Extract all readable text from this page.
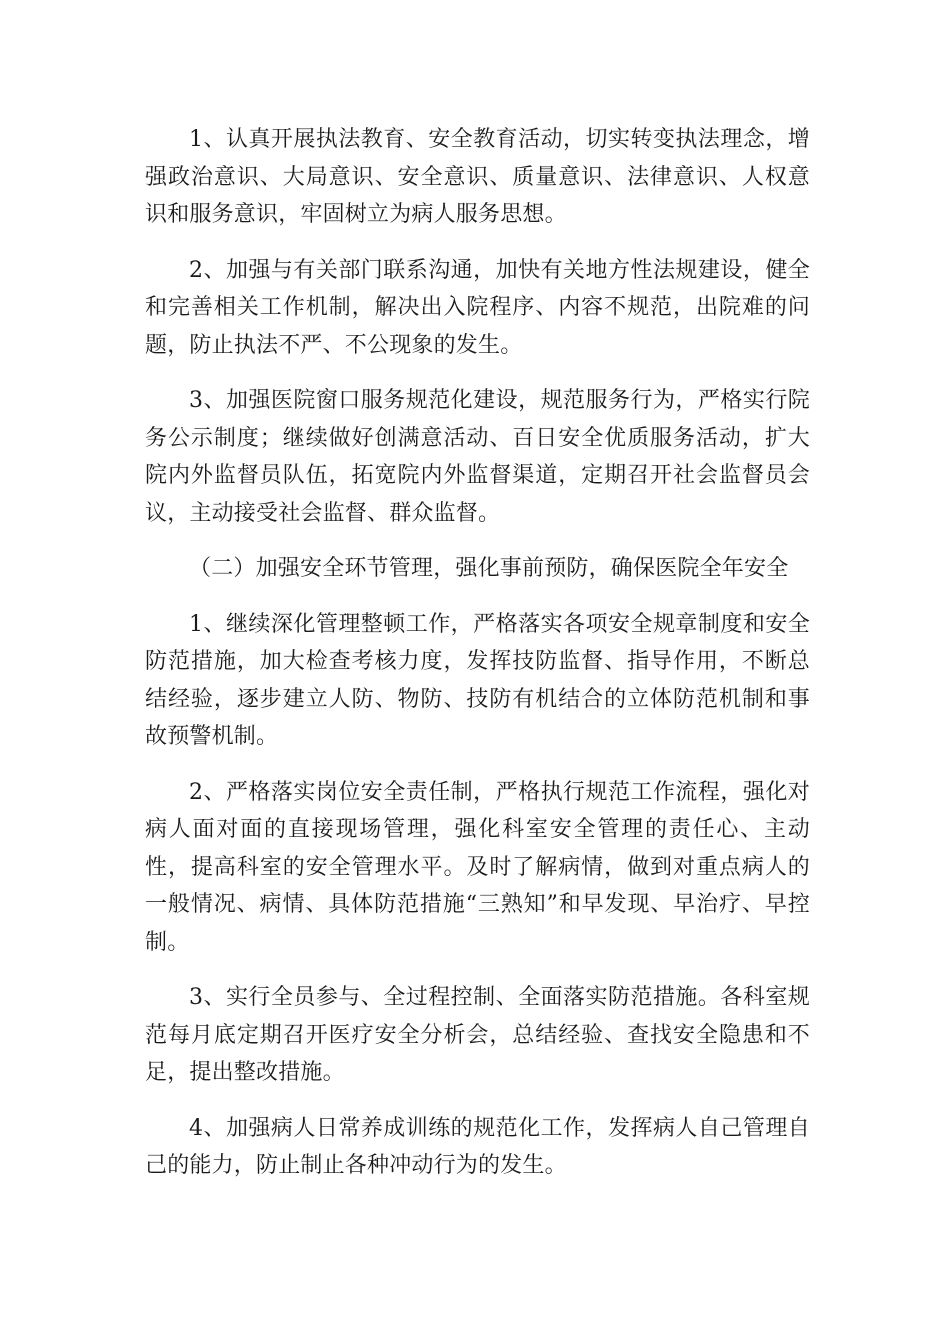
1、认真开展执法教育、安全教育活动，切实转变执法理念，增强政治意识、大局意识、安全意识、质量意识、法律意识、人权意识和服务意识，牢固树立为病人服务思想。

2、加强与有关部门联系沟通，加快有关地方性法规建设，健全和完善相关工作机制，解决出入院程序、内容不规范，出院难的问题，防止执法不严、不公现象的发生。

3、加强医院窗口服务规范化建设，规范服务行为，严格实行院务公示制度；继续做好创满意活动、百日安全优质服务活动，扩大院内外监督员队伍，拓宽院内外监督渠道，定期召开社会监督员会议，主动接受社会监督、群众监督。

（二）加强安全环节管理，强化事前预防，确保医院全年安全

1、继续深化管理整顿工作，严格落实各项安全规章制度和安全防范措施，加大检查考核力度，发挥技防监督、指导作用，不断总结经验，逐步建立人防、物防、技防有机结合的立体防范机制和事故预警机制。

2、严格落实岗位安全责任制，严格执行规范工作流程，强化对病人面对面的直接现场管理，强化科室安全管理的责任心、主动性，提高科室的安全管理水平。及时了解病情，做到对重点病人的一般情况、病情、具体防范措施“三熟知”和早发现、早治疗、早控制。

3、实行全员参与、全过程控制、全面落实防范措施。各科室规范每月底定期召开医疗安全分析会，总结经验、查找安全隐患和不足，提出整改措施。

4、加强病人日常养成训练的规范化工作，发挥病人自己管理自己的能力，防止制止各种冲动行为的发生。
